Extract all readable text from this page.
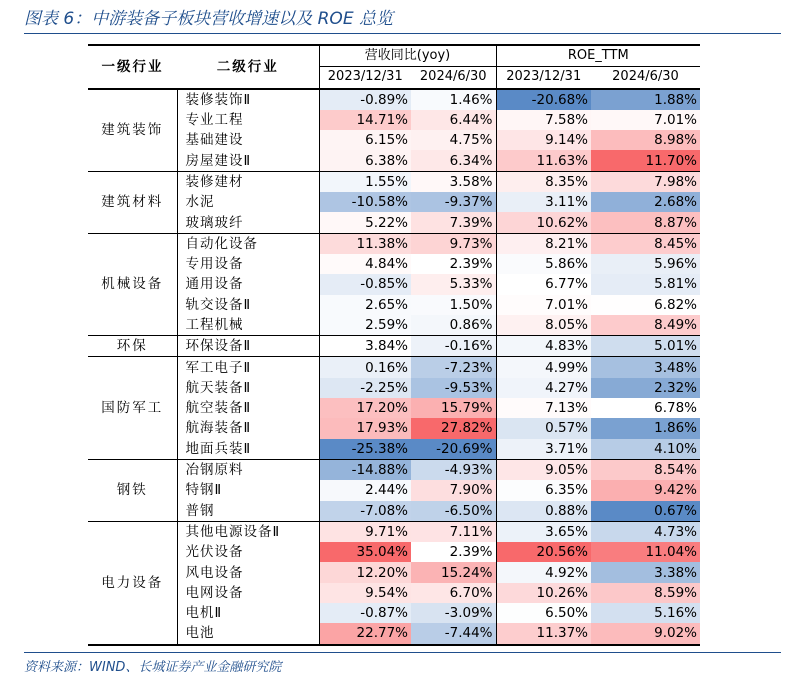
图表 6：中游装备子板块营收增速以及 ROE 总览
一级行业	二级行业	营收同比(yoy)		ROE_TTM	
		2023/12/31	2024/6/30	2023/12/31	2024/6/30
建筑装饰	装修装饰Ⅱ	-0.89%	1.46%	-20.68%	1.88%
	专业工程	14.71%	6.44%	7.58%	7.01%
	基础建设	6.15%	4.75%	9.14%	8.98%
	房屋建设Ⅱ	6.38%	6.34%	11.63%	11.70%
建筑材料	装修建材	1.55%	3.58%	8.35%	7.98%
	水泥	-10.58%	-9.37%	3.11%	2.68%
	玻璃玻纤	5.22%	7.39%	10.62%	8.87%
机械设备	自动化设备	11.38%	9.73%	8.21%	8.45%
	专用设备	4.84%	2.39%	5.86%	5.96%
	通用设备	-0.85%	5.33%	6.77%	5.81%
	轨交设备Ⅱ	2.65%	1.50%	7.01%	6.82%
	工程机械	2.59%	0.86%	8.05%	8.49%
环保	环保设备Ⅱ	3.84%	-0.16%	4.83%	5.01%
国防军工	军工电子Ⅱ	0.16%	-7.23%	4.99%	3.48%
	航天装备Ⅱ	-2.25%	-9.53%	4.27%	2.32%
	航空装备Ⅱ	17.20%	15.79%	7.13%	6.78%
	航海装备Ⅱ	17.93%	27.82%	0.57%	1.86%
	地面兵装Ⅱ	-25.38%	-20.69%	3.71%	4.10%
钢铁	冶钢原料	-14.88%	-4.93%	9.05%	8.54%
	特钢Ⅱ	2.44%	7.90%	6.35%	9.42%
	普钢	-7.08%	-6.50%	0.88%	0.67%
电力设备	其他电源设备Ⅱ	9.71%	7.11%	3.65%	4.73%
	光伏设备	35.04%	2.39%	20.56%	11.04%
	风电设备	12.20%	15.24%	4.92%	3.38%
	电网设备	9.54%	6.70%	10.26%	8.59%
	电机Ⅱ	-0.87%	-3.09%	6.50%	5.16%
	电池	22.77%	-7.44%	11.37%	9.02%
资料来源：WIND、长城证券产业金融研究院
